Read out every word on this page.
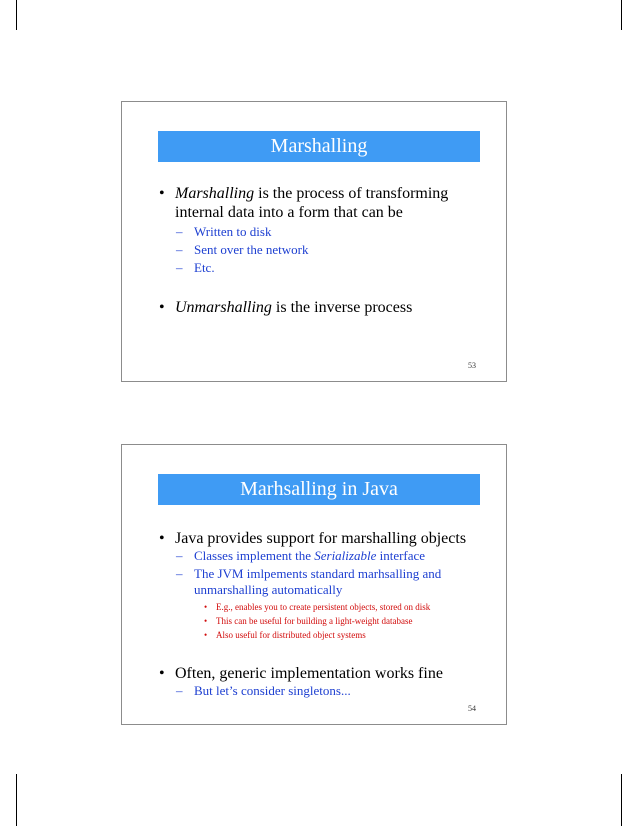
Marshalling
• Marshalling is the process of transforming internal data into a form that can be
– Written to disk
– Sent over the network
– Etc.
• Unmarshalling is the inverse process
53
Marhsalling in Java
• Java provides support for marshalling objects
– Classes implement the Serializable interface
– The JVM imlpements standard marhsalling and unmarshalling automatically
• E.g., enables you to create persistent objects, stored on disk
• This can be useful for building a light-weight database
• Also useful for distributed object systems
• Often, generic implementation works fine
– But let’s consider singletons...
54
